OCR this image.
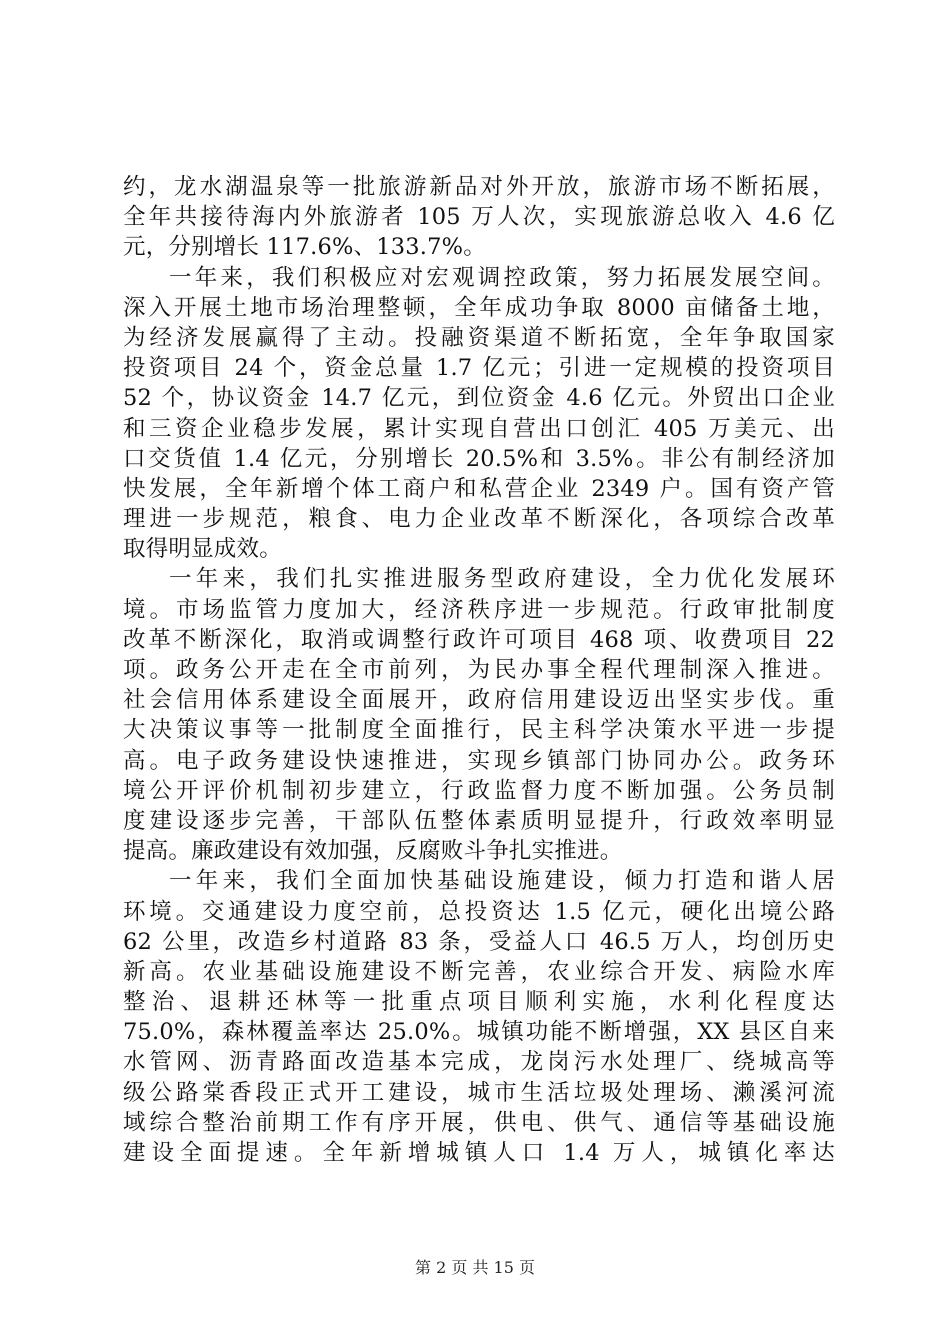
约，龙水湖温泉等一批旅游新品对外开放，旅游市场不断拓展，
全年共接待海内外旅游者 105 万人次，实现旅游总收入 4.6 亿
元，分别增长 117.6%、133.7%。
一年来，我们积极应对宏观调控政策，努力拓展发展空间。
深入开展土地市场治理整顿，全年成功争取 8000 亩储备土地，
为经济发展赢得了主动。投融资渠道不断拓宽，全年争取国家
投资项目 24 个，资金总量 1.7 亿元；引进一定规模的投资项目
52 个，协议资金 14.7 亿元，到位资金 4.6 亿元。外贸出口企业
和三资企业稳步发展，累计实现自营出口创汇 405 万美元、出
口交货值 1.4 亿元，分别增长 20.5%和 3.5%。非公有制经济加
快发展，全年新增个体工商户和私营企业 2349 户。国有资产管
理进一步规范，粮食、电力企业改革不断深化，各项综合改革
取得明显成效。
一年来，我们扎实推进服务型政府建设，全力优化发展环
境。市场监管力度加大，经济秩序进一步规范。行政审批制度
改革不断深化，取消或调整行政许可项目 468 项、收费项目 22
项。政务公开走在全市前列，为民办事全程代理制深入推进。
社会信用体系建设全面展开，政府信用建设迈出坚实步伐。重
大决策议事等一批制度全面推行，民主科学决策水平进一步提
高。电子政务建设快速推进，实现乡镇部门协同办公。政务环
境公开评价机制初步建立，行政监督力度不断加强。公务员制
度建设逐步完善，干部队伍整体素质明显提升，行政效率明显
提高。廉政建设有效加强，反腐败斗争扎实推进。
一年来，我们全面加快基础设施建设，倾力打造和谐人居
环境。交通建设力度空前，总投资达 1.5 亿元，硬化出境公路
62 公里，改造乡村道路 83 条，受益人口 46.5 万人，均创历史
新高。农业基础设施建设不断完善，农业综合开发、病险水库
整治、退耕还林等一批重点项目顺利实施，水利化程度达
75.0%，森林覆盖率达 25.0%。城镇功能不断增强，XX 县区自来
水管网、沥青路面改造基本完成，龙岗污水处理厂、绕城高等
级公路棠香段正式开工建设，城市生活垃圾处理场、濑溪河流
域综合整治前期工作有序开展，供电、供气、通信等基础设施
建设全面提速。全年新增城镇人口 1.4 万人，城镇化率达
第 2 页 共 15 页
